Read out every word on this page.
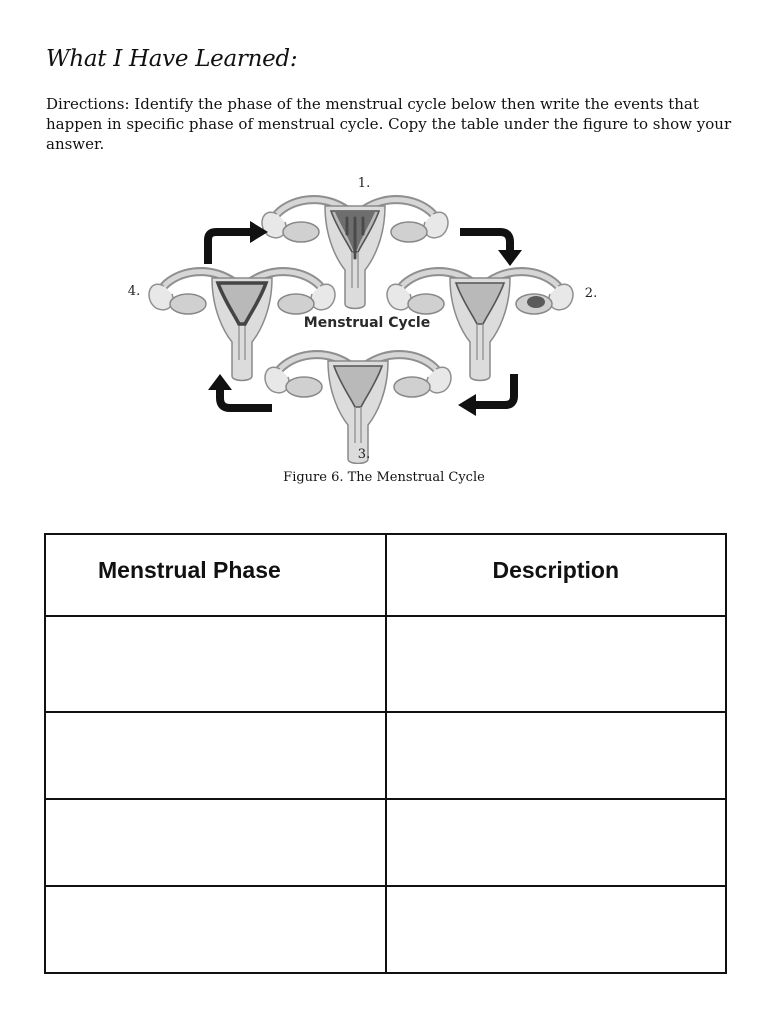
What I Have Learned:
Directions: Identify the phase of the menstrual cycle below then write the events that happen in specific phase of menstrual cycle. Copy the table under the figure to show your answer.
1.
2.
3.
4.
Menstrual Cycle
Figure 6. The Menstrual Cycle
Menstrual Phase	Description
